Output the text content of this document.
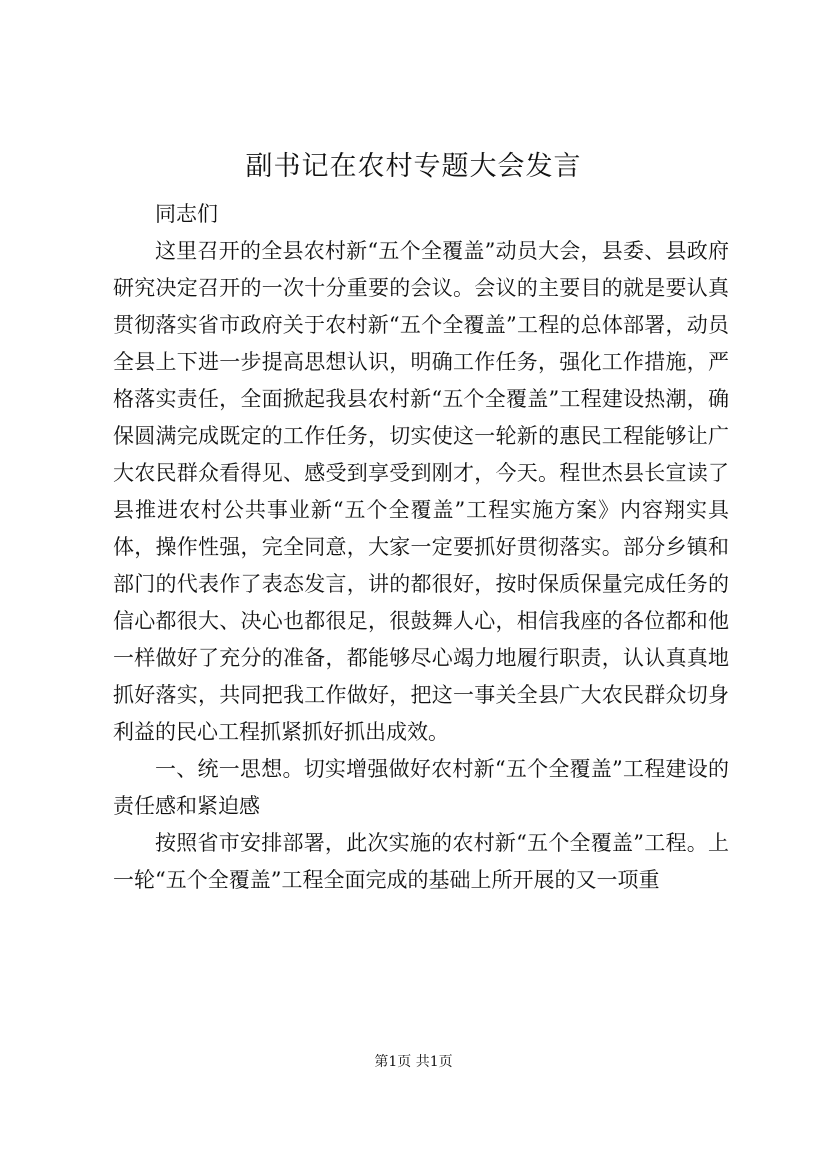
副书记在农村专题大会发言

同志们

这里召开的全县农村新“五个全覆盖”动员大会，县委、县政府研究决定召开的一次十分重要的会议。会议的主要目的就是要认真贯彻落实省市政府关于农村新“五个全覆盖”工程的总体部署，动员全县上下进一步提高思想认识，明确工作任务，强化工作措施，严格落实责任，全面掀起我县农村新“五个全覆盖”工程建设热潮，确保圆满完成既定的工作任务，切实使这一轮新的惠民工程能够让广大农民群众看得见、感受到享受到刚才，今天。程世杰县长宣读了县推进农村公共事业新“五个全覆盖”工程实施方案》内容翔实具体，操作性强，完全同意，大家一定要抓好贯彻落实。部分乡镇和部门的代表作了表态发言，讲的都很好，按时保质保量完成任务的信心都很大、决心也都很足，很鼓舞人心，相信我座的各位都和他一样做好了充分的准备，都能够尽心竭力地履行职责，认认真真地抓好落实，共同把我工作做好，把这一事关全县广大农民群众切身利益的民心工程抓紧抓好抓出成效。

一、统一思想。切实增强做好农村新“五个全覆盖”工程建设的责任感和紧迫感

按照省市安排部署，此次实施的农村新“五个全覆盖”工程。上一轮“五个全覆盖”工程全面完成的基础上所开展的又一项重

第1页 共1页
